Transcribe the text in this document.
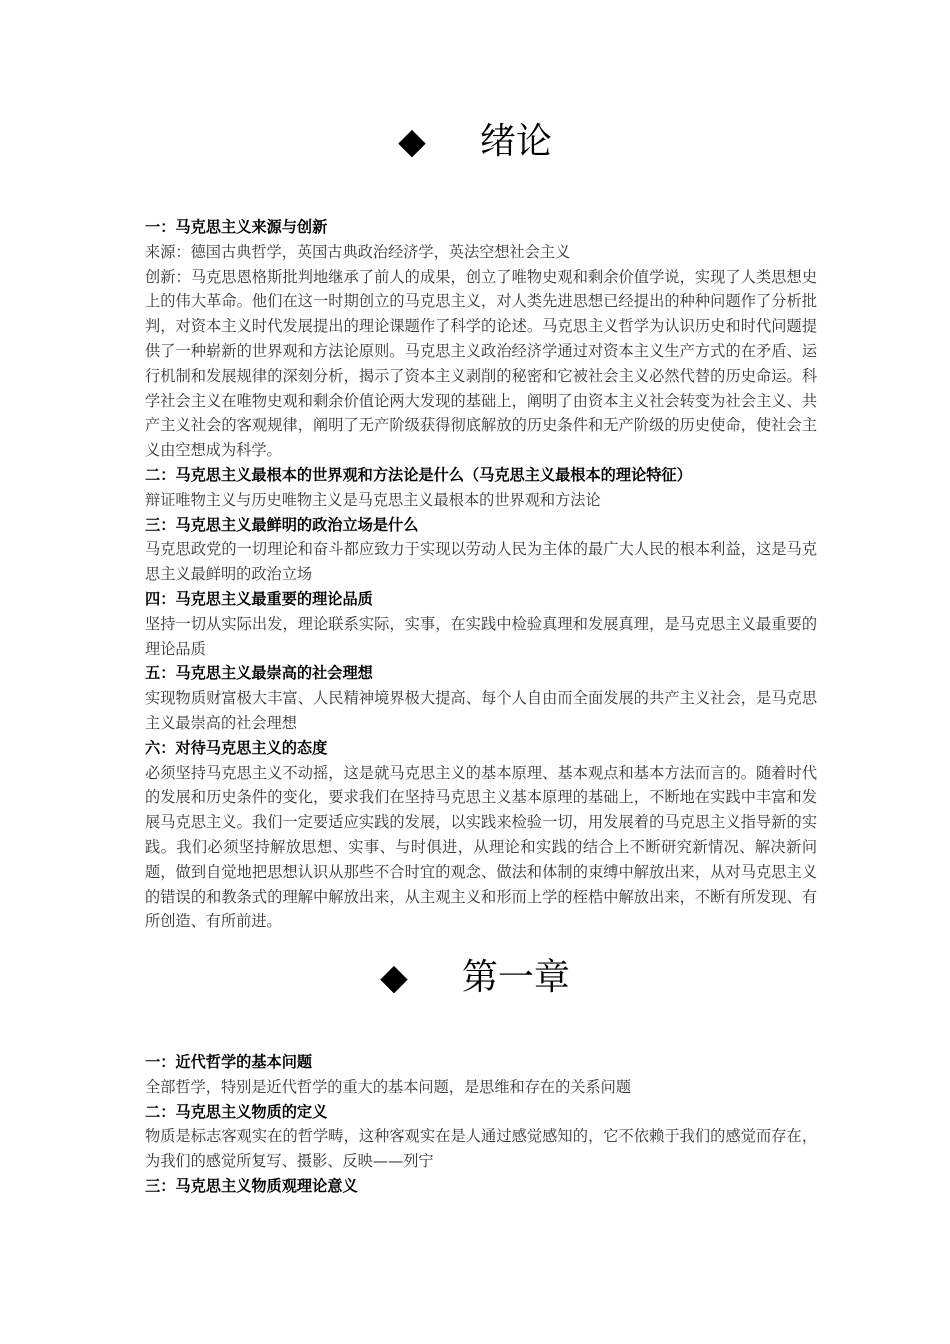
◆ 绪论
一：马克思主义来源与创新
来源：德国古典哲学，英国古典政治经济学，英法空想社会主义
创新：马克思恩格斯批判地继承了前人的成果，创立了唯物史观和剩余价值学说，实现了人类思想史上的伟大革命。他们在这一时期创立的马克思主义，对人类先进思想已经提出的种种问题作了分析批判，对资本主义时代发展提出的理论课题作了科学的论述。马克思主义哲学为认识历史和时代问题提供了一种崭新的世界观和方法论原则。马克思主义政治经济学通过对资本主义生产方式的在矛盾、运行机制和发展规律的深刻分析，揭示了资本主义剥削的秘密和它被社会主义必然代替的历史命运。科学社会主义在唯物史观和剩余价值论两大发现的基础上，阐明了由资本主义社会转变为社会主义、共产主义社会的客观规律，阐明了无产阶级获得彻底解放的历史条件和无产阶级的历史使命，使社会主义由空想成为科学。
二：马克思主义最根本的世界观和方法论是什么（马克思主义最根本的理论特征）
辩证唯物主义与历史唯物主义是马克思主义最根本的世界观和方法论
三：马克思主义最鲜明的政治立场是什么
马克思政党的一切理论和奋斗都应致力于实现以劳动人民为主体的最广大人民的根本利益，这是马克思主义最鲜明的政治立场
四：马克思主义最重要的理论品质
坚持一切从实际出发，理论联系实际，实事，在实践中检验真理和发展真理，是马克思主义最重要的理论品质
五：马克思主义最崇高的社会理想
实现物质财富极大丰富、人民精神境界极大提高、每个人自由而全面发展的共产主义社会，是马克思主义最崇高的社会理想
六：对待马克思主义的态度
必须坚持马克思主义不动摇，这是就马克思主义的基本原理、基本观点和基本方法而言的。随着时代的发展和历史条件的变化，要求我们在坚持马克思主义基本原理的基础上，不断地在实践中丰富和发展马克思主义。我们一定要适应实践的发展，以实践来检验一切，用发展着的马克思主义指导新的实践。我们必须坚持解放思想、实事、与时俱进，从理论和实践的结合上不断研究新情况、解决新问题，做到自觉地把思想认识从那些不合时宜的观念、做法和体制的束缚中解放出来，从对马克思主义的错误的和教条式的理解中解放出来，从主观主义和形而上学的桎梏中解放出来，不断有所发现、有所创造、有所前进。
◆ 第一章
一：近代哲学的基本问题
全部哲学，特别是近代哲学的重大的基本问题，是思维和存在的关系问题
二：马克思主义物质的定义
物质是标志客观实在的哲学畴，这种客观实在是人通过感觉感知的，它不依赖于我们的感觉而存在，为我们的感觉所复写、摄影、反映——列宁
三：马克思主义物质观理论意义
